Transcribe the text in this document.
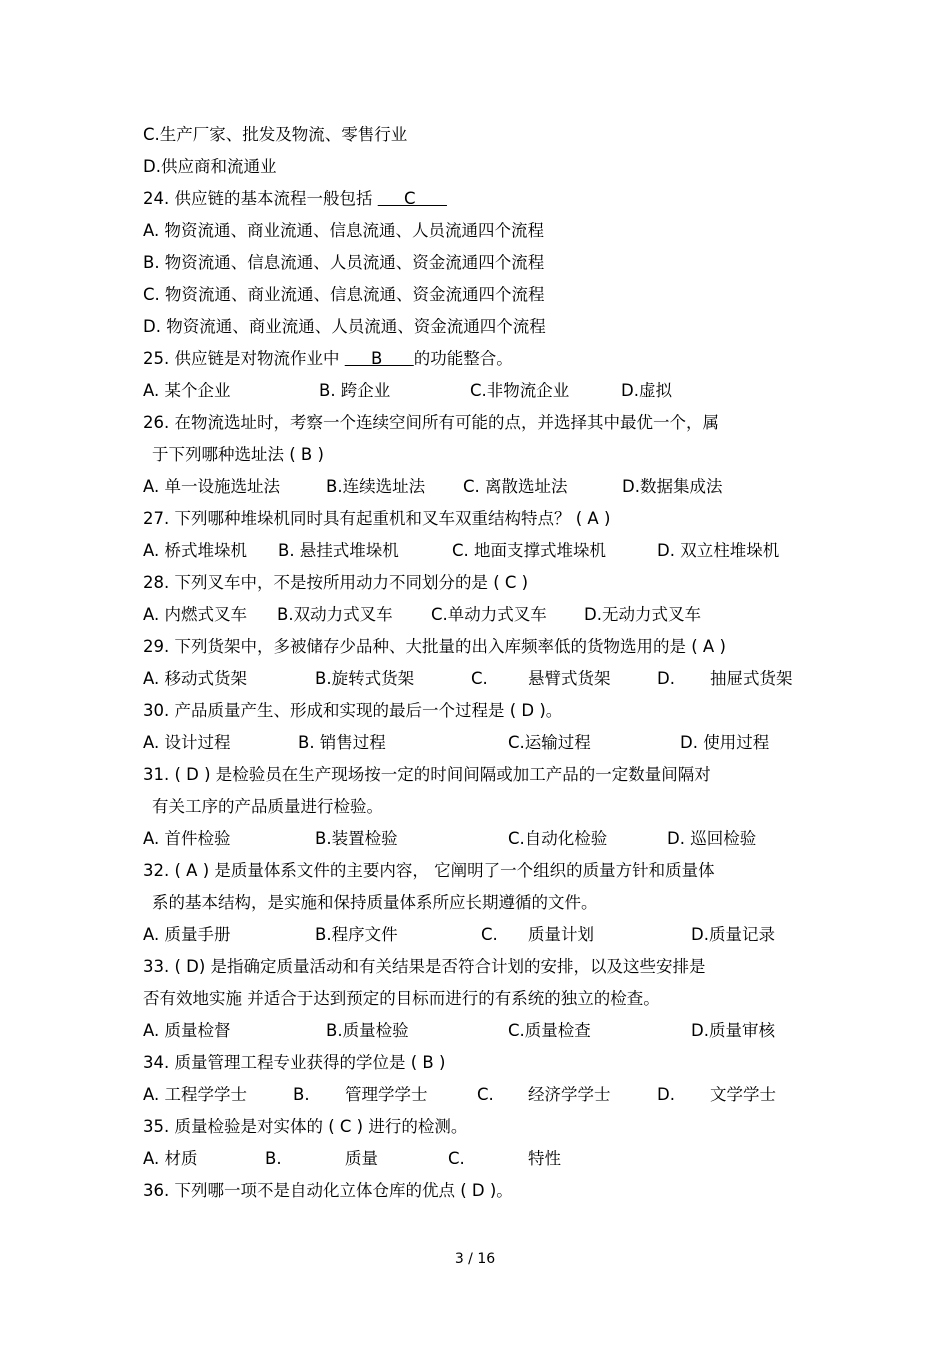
C.生产厂家、批发及物流、零售行业
D.供应商和流通业
24. 供应链的基本流程一般包括      C
A. 物资流通、商业流通、信息流通、人员流通四个流程
B. 物资流通、信息流通、人员流通、资金流通四个流程
C. 物资流通、商业流通、信息流通、资金流通四个流程
D. 物资流通、商业流通、人员流通、资金流通四个流程
25. 供应链是对物流作业中      B      的功能整合。
A. 某个企业	B. 跨企业	C.非物流企业	D.虚拟
26. 在物流选址时，考察一个连续空间所有可能的点，并选择其中最优一个，属
于下列哪种选址法 ( B )
A. 单一设施选址法	B.连续选址法 C. 离散选址法	D.数据集成法
27. 下列哪种堆垛机同时具有起重机和叉车双重结构特点？ ( A )
A. 桥式堆垛机 B. 悬挂式堆垛机	C. 地面支撑式堆垛机	D. 双立柱堆垛机
28. 下列叉车中，不是按所用动力不同划分的是 ( C )
A. 内燃式叉车 B.双动力式叉车 C.单动力式叉车 D.无动力式叉车
29. 下列货架中，多被储存少品种、大批量的出入库频率低的货物选用的是 ( A )
A. 移动式货架	B.旋转式货架	C. 悬臂式货架	D. 抽屉式货架
30. 产品质量产生、形成和实现的最后一个过程是 ( D )。
A. 设计过程	B. 销售过程	C.运输过程	D. 使用过程
31. ( D ) 是检验员在生产现场按一定的时间间隔或加工产品的一定数量间隔对
有关工序的产品质量进行检验。
A. 首件检验	B.装置检验	C.自动化检验	D. 巡回检验
32. ( A ) 是质量体系文件的主要内容， 它阐明了一个组织的质量方针和质量体
系的基本结构，是实施和保持质量体系所应长期遵循的文件。
A. 质量手册	B.程序文件	C. 质量计划	D.质量记录
33. ( D) 是指确定质量活动和有关结果是否符合计划的安排，以及这些安排是
否有效地实施 并适合于达到预定的目标而进行的有系统的独立的检查。
A. 质量检督	B.质量检验	C.质量检查	D.质量审核
34. 质量管理工程专业获得的学位是 ( B )
A. 工程学学士	B. 管理学学士	C. 经济学学士	D. 文学学士
35. 质量检验是对实体的 ( C ) 进行的检测。
A. 材质	B.	质量	C.	特性
36. 下列哪一项不是自动化立体仓库的优点 ( D )。
3 / 16
